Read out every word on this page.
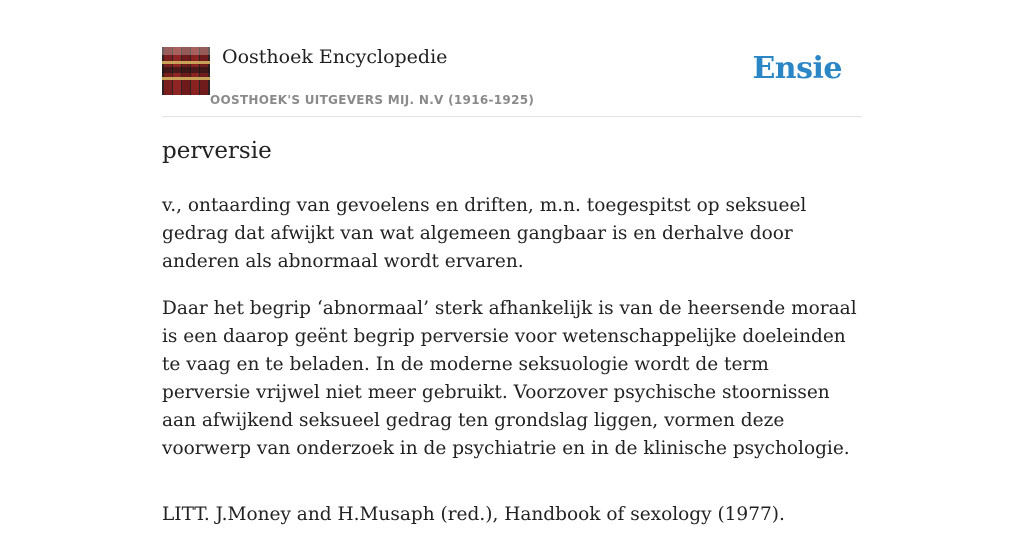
Oosthoek Encyclopedie
OOSTHOEK'S UITGEVERS MIJ. N.V (1916-1925)
Ensie
perversie

v., ontaarding van gevoelens en driften, m.n. toegespitst op seksueel gedrag dat afwijkt van wat algemeen gangbaar is en derhalve door anderen als abnormaal wordt ervaren.

Daar het begrip ‘abnormaal’ sterk afhankelijk is van de heersende moraal is een daarop geënt begrip perversie voor wetenschappelijke doeleinden te vaag en te beladen. In de moderne seksuologie wordt de term perversie vrijwel niet meer gebruikt. Voorzover psychische stoornissen aan afwijkend seksueel gedrag ten grondslag liggen, vormen deze voorwerp van onderzoek in de psychiatrie en in de klinische psychologie.

LITT. J.Money and H.Musaph (red.), Handbook of sexology (1977).
